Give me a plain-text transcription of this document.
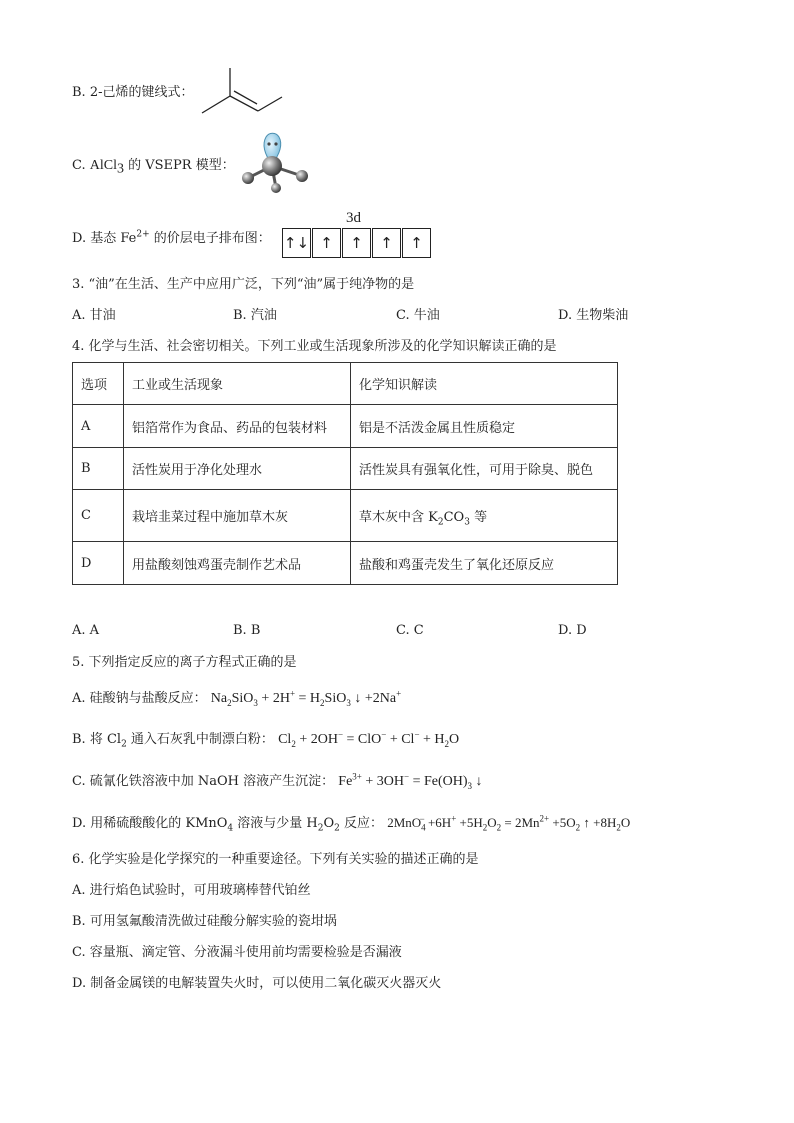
B. 2-己烯的键线式：
C. AlCl$_3$ 的 VSEPR 模型：
D. 基态 $Fe^{2+}$ 的价层电子排布图：
3d
↑↓ ↑	↑	↑	↑
3. “油”在生活、生产中应用广泛，下列“油”属于纯净物的是
A. 甘油	B. 汽油	C. 牛油	D. 生物柴油
4. 化学与生活、社会密切相关。下列工业或生活现象所涉及的化学知识解读正确的是
选项	工业或生活现象	化学知识解读
A	铝箔常作为食品、药品的包装材料	铝是不活泼金属且性质稳定
B	活性炭用于净化处理水	活性炭具有强氧化性，可用于除臭、脱色
C	栽培韭菜过程中施加草木灰	草木灰中含 $K_2CO_3$ 等
D	用盐酸刻蚀鸡蛋壳制作艺术品	盐酸和鸡蛋壳发生了氧化还原反应
A. A	B. B	C. C	D. D
5. 下列指定反应的离子方程式正确的是
A. 硅酸钠与盐酸反应： $Na_2SiO_3 + 2H^+ = H_2SiO_3$ ↓ +2Na+
B. 将 $Cl_2$ 通入石灰乳中制漂白粉： $Cl_2 + 2OH^- = ClO^- + Cl^- + H_2O$
C. 硫氰化铁溶液中加 NaOH 溶液产生沉淀： $Fe^{3+} + 3OH^- = Fe(OH)_3$ ↓
D. 用稀硫酸酸化的 KMnO$_4$ 溶液与少量 $H_2O_2$ 反应： $2MnO_4^- +6H^+ +5H_2O_2 = 2Mn^{2+} +5O_2$ ↑ $+8H_2O$
6. 化学实验是化学探究的一种重要途径。下列有关实验的描述正确的是
A. 进行焰色试验时，可用玻璃棒替代铂丝
B. 可用氢氟酸清洗做过硅酸分解实验的瓷坩埚
C. 容量瓶、滴定管、分液漏斗使用前均需要检验是否漏液
D. 制备金属镁的电解装置失火时，可以使用二氧化碳灭火器灭火
